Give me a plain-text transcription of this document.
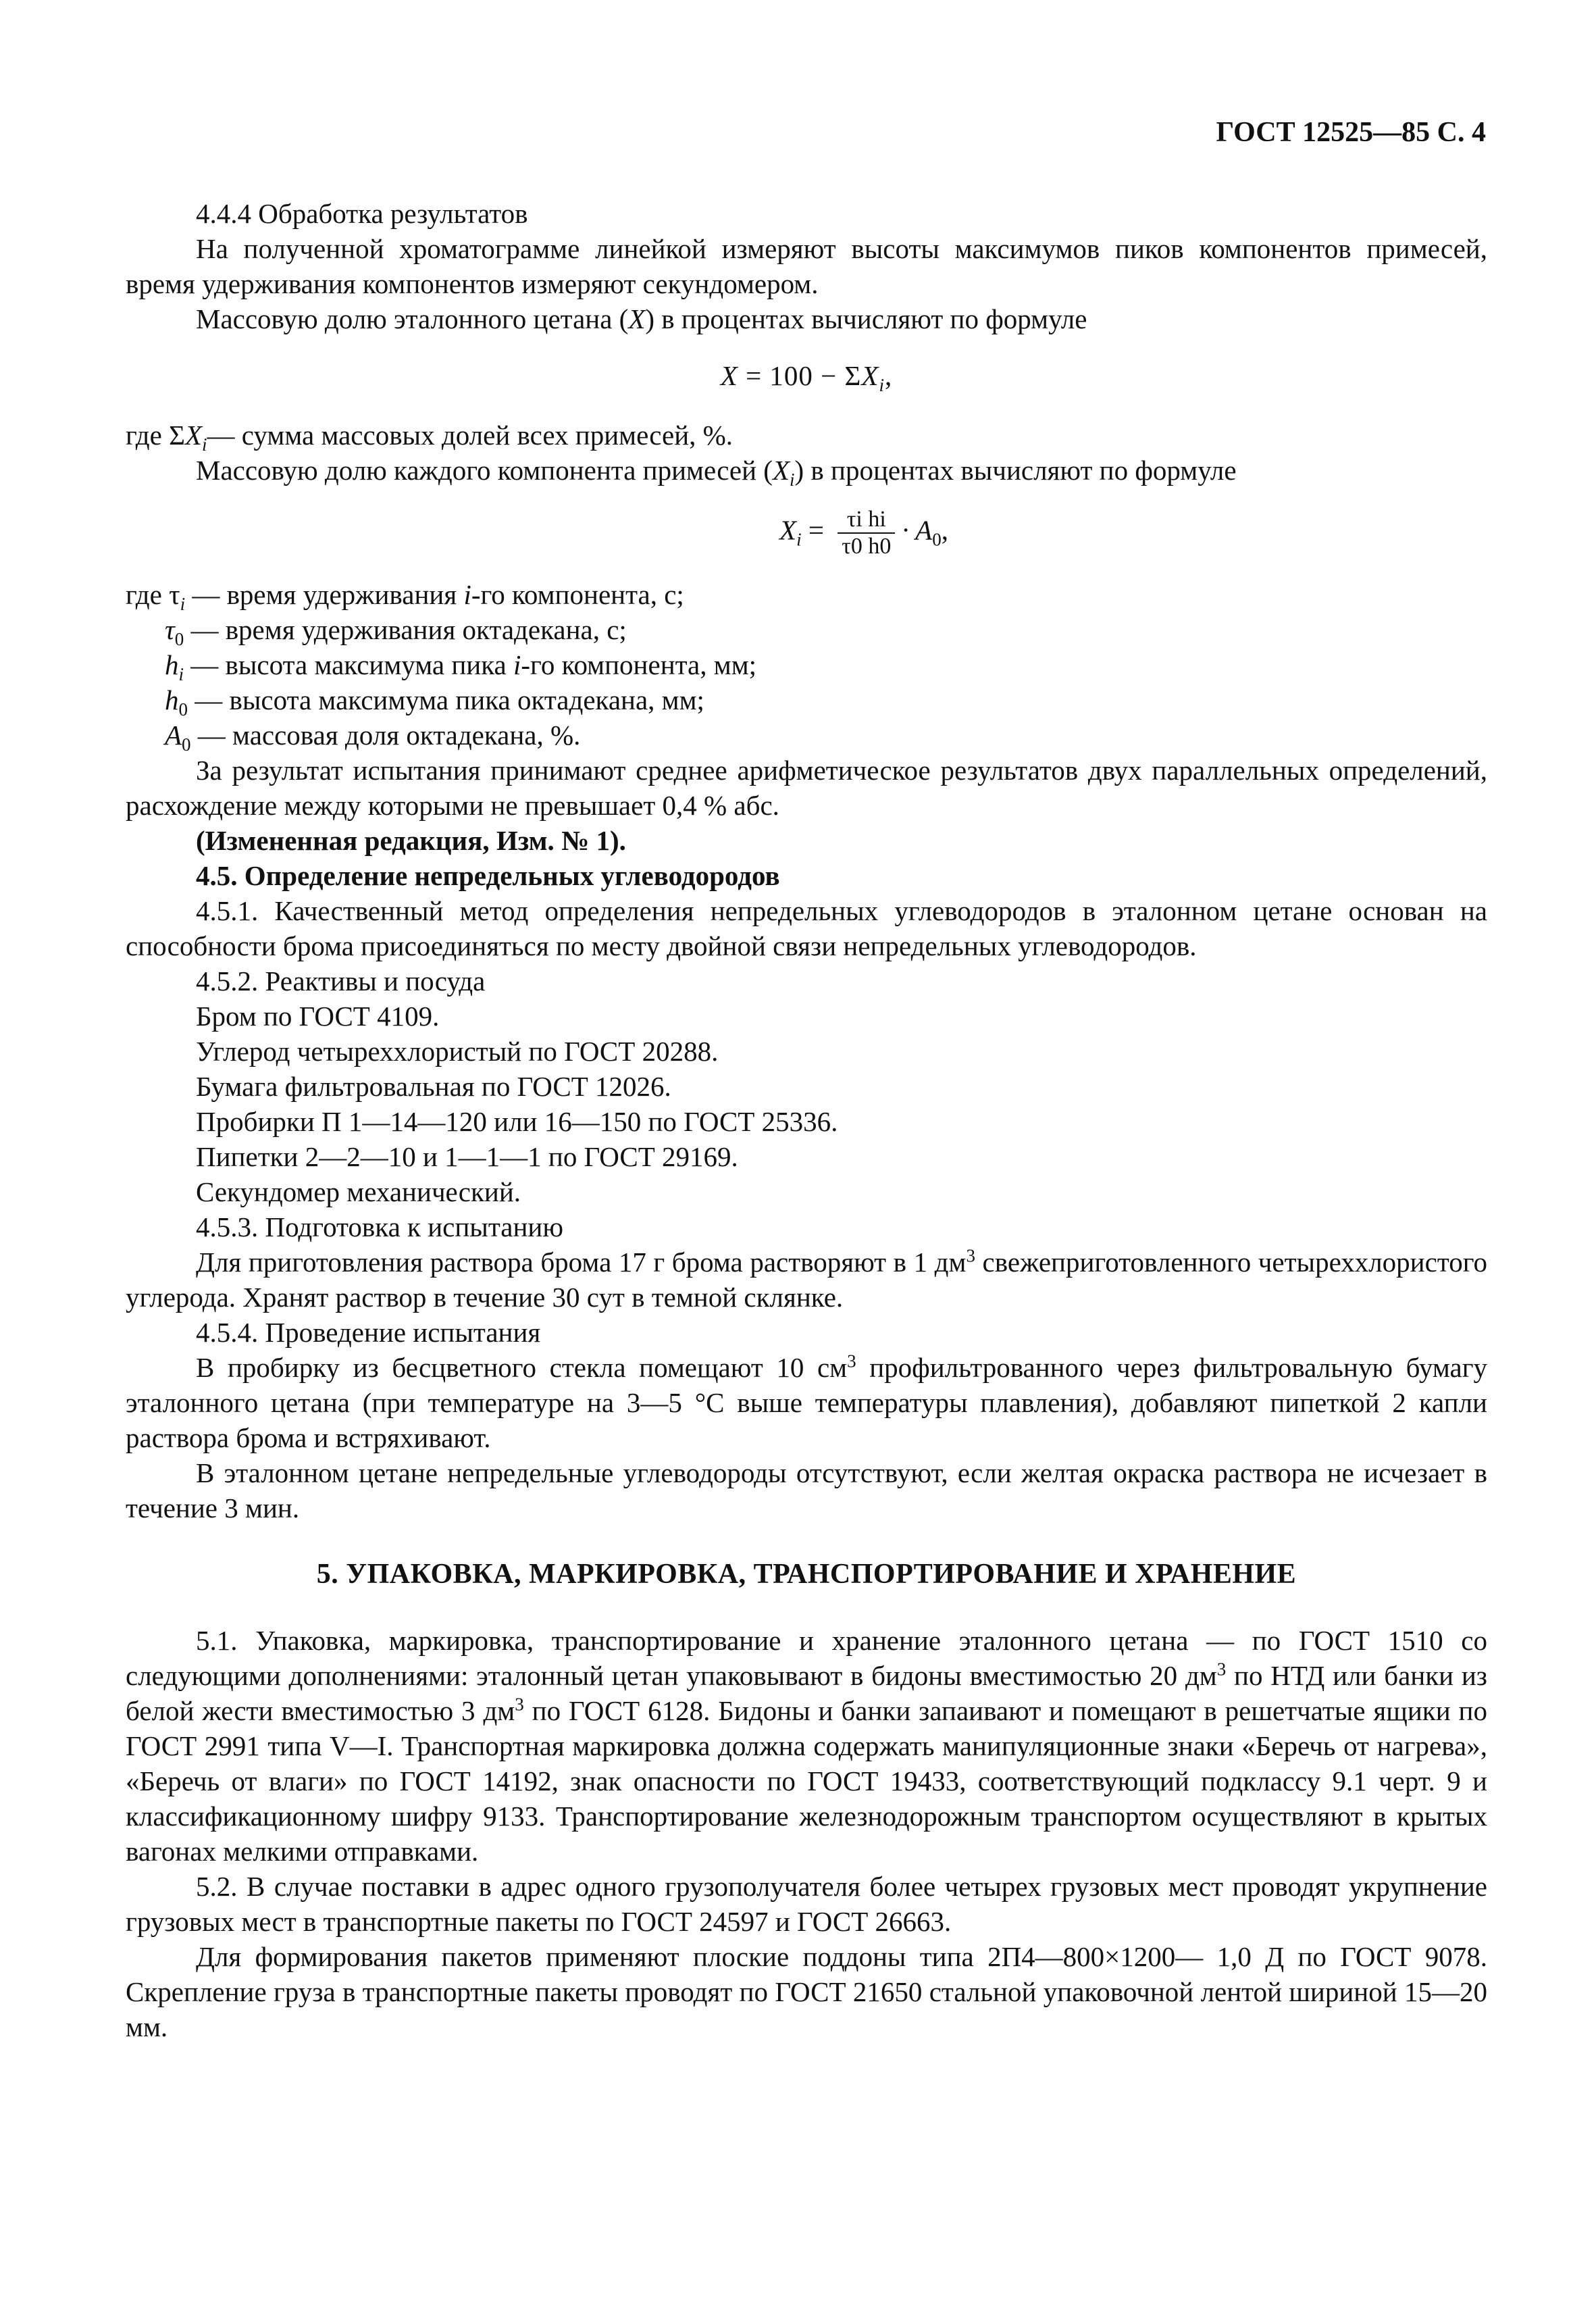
ГОСТ 12525—85 С. 4

4.4.4 Обработка результатов

На полученной хроматограмме линейкой измеряют высоты максимумов пиков компонентов примесей, время удерживания компонентов измеряют секундомером.

Массовую долю эталонного цетана (X) в процентах вычисляют по формуле

$X = 100 - \Sigma X_i$,

где $\Sigma X_i—$ сумма массовых долей всех примесей, %.

Массовую долю каждого компонента примесей $(X_i)$ в процентах вычисляют по формуле

$X_i = \frac{\text{τi hi}}{\tau 0 h0} \cdot A_0$,

где $\tau_i$ — время удерживания i-го компонента, с;

$\tau_0$ — время удерживания октадекана, с;

$h_i$ — высота максимума пика i-го компонента, мм;

$h_0$ — высота максимума пика октадекана, мм;

$A_0$ — массовая доля октадекана, %.

За результат испытания принимают среднее арифметическое результатов двух параллельных определений, расхождение между которыми не превышает 0,4 % абс.

(Измененная редакция, Изм. № 1).

4.5. Определение непредельных углеводородов

4.5.1. Качественный метод определения непредельных углеводородов в эталонном цетане основан на способности брома присоединяться по месту двойной связи непредельных углеводородов.

4.5.2. Реактивы и посуда

Бром по ГОСТ 4109.

Углерод четыреххлористый по ГОСТ 20288.

Бумага фильтровальная по ГОСТ 12026.

Пробирки П 1—14—120 или 16—150 по ГОСТ 25336.

Пипетки 2—2—10 и 1—1—1 по ГОСТ 29169.

Секундомер механический.

4.5.3. Подготовка к испытанию

Для приготовления раствора брома 17 г брома растворяют в 1 $дм^3$ свежеприготовленного четыреххлористого углерода. Хранят раствор в течение 30 сут в темной склянке.

4.5.4. Проведение испытания

В пробирку из бесцветного стекла помещают 10 $см^3$ профильтрованного через фильтровальную бумагу эталонного цетана (при температуре на 3—5 °С выше температуры плавления), добавляют пипеткой 2 капли раствора брома и встряхивают.

В эталонном цетане непредельные углеводороды отсутствуют, если желтая окраска раствора не исчезает в течение 3 мин.

5. УПАКОВКА, МАРКИРОВКА, ТРАНСПОРТИРОВАНИЕ И ХРАНЕНИЕ

5.1. Упаковка, маркировка, транспортирование и хранение эталонного цетана — по ГОСТ 1510 со следующими дополнениями: эталонный цетан упаковывают в бидоны вместимостью 20 $дм^3$ по НТД или банки из белой жести вместимостью 3 $дм^3$ по ГОСТ 6128. Бидоны и банки запаивают и помещают в решетчатые ящики по ГОСТ 2991 типа V—I. Транспортная маркировка должна содержать манипуляционные знаки «Беречь от нагрева», «Беречь от влаги» по ГОСТ 14192, знак опасности по ГОСТ 19433, соответствующий подклассу 9.1 черт. 9 и классификационному шифру 9133. Транспортирование железнодорожным транспортом осуществляют в крытых вагонах мелкими отправками.

5.2. В случае поставки в адрес одного грузополучателя более четырех грузовых мест проводят укрупнение грузовых мест в транспортные пакеты по ГОСТ 24597 и ГОСТ 26663.

Для формирования пакетов применяют плоские поддоны типа 2П4—800×1200— 1,0 Д по ГОСТ 9078. Скрепление груза в транспортные пакеты проводят по ГОСТ 21650 стальной упаковочной лентой шириной 15—20 мм.
